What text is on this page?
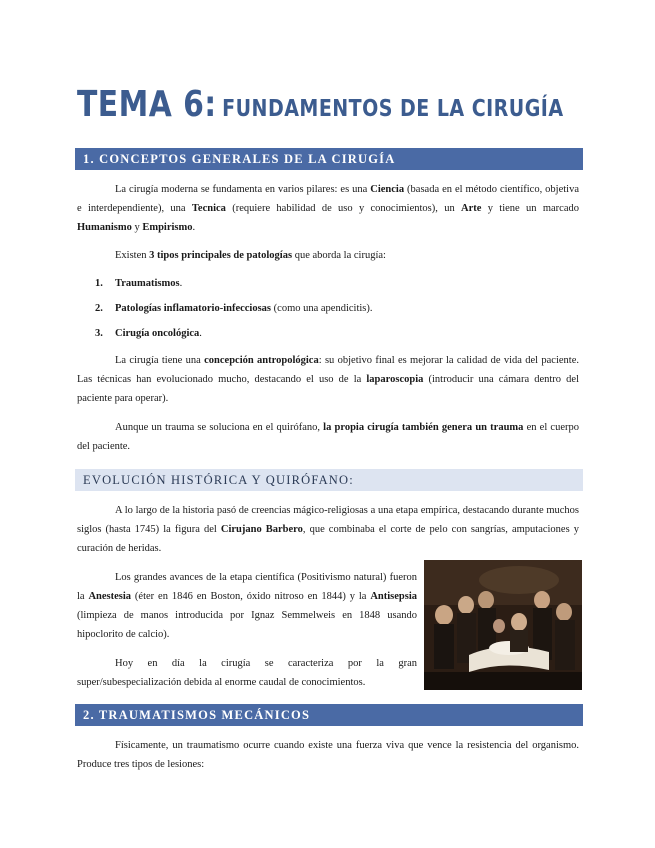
TEMA 6: FUNDAMENTOS DE LA CIRUGÍA
1. CONCEPTOS GENERALES DE LA CIRUGÍA

La cirugía moderna se fundamenta en varios pilares: es una Ciencia (basada en el método científico, objetiva e interdependiente), una Tecnica (requiere habilidad de uso y conocimientos), un Arte y tiene un marcado Humanismo y Empirismo.

Existen 3 tipos principales de patologías que aborda la cirugía:

1. Traumatismos.
2. Patologías inflamatorio-infecciosas (como una apendicitis).
3. Cirugía oncológica.

La cirugía tiene una concepción antropológica: su objetivo final es mejorar la calidad de vida del paciente. Las técnicas han evolucionado mucho, destacando el uso de la laparoscopia (introducir una cámara dentro del paciente para operar).

Aunque un trauma se soluciona en el quirófano, la propia cirugía también genera un trauma en el cuerpo del paciente.

EVOLUCIÓN HISTÓRICA Y QUIRÓFANO:

A lo largo de la historia pasó de creencias mágico-religiosas a una etapa empírica, destacando durante muchos siglos (hasta 1745) la figura del Cirujano Barbero, que combinaba el corte de pelo con sangrías, amputaciones y curación de heridas.

Los grandes avances de la etapa científica (Positivismo natural) fueron la Anestesia (éter en 1846 en Boston, óxido nitroso en 1844) y la Antisepsia (limpieza de manos introducida por Ignaz Semmelweis en 1848 usando hipoclorito de calcio).

Hoy en día la cirugía se caracteriza por la gran super/subespecialización debida al enorme caudal de conocimientos.

2. TRAUMATISMOS MECÁNICOS

Físicamente, un traumatismo ocurre cuando existe una fuerza viva que vence la resistencia del organismo. Produce tres tipos de lesiones:
